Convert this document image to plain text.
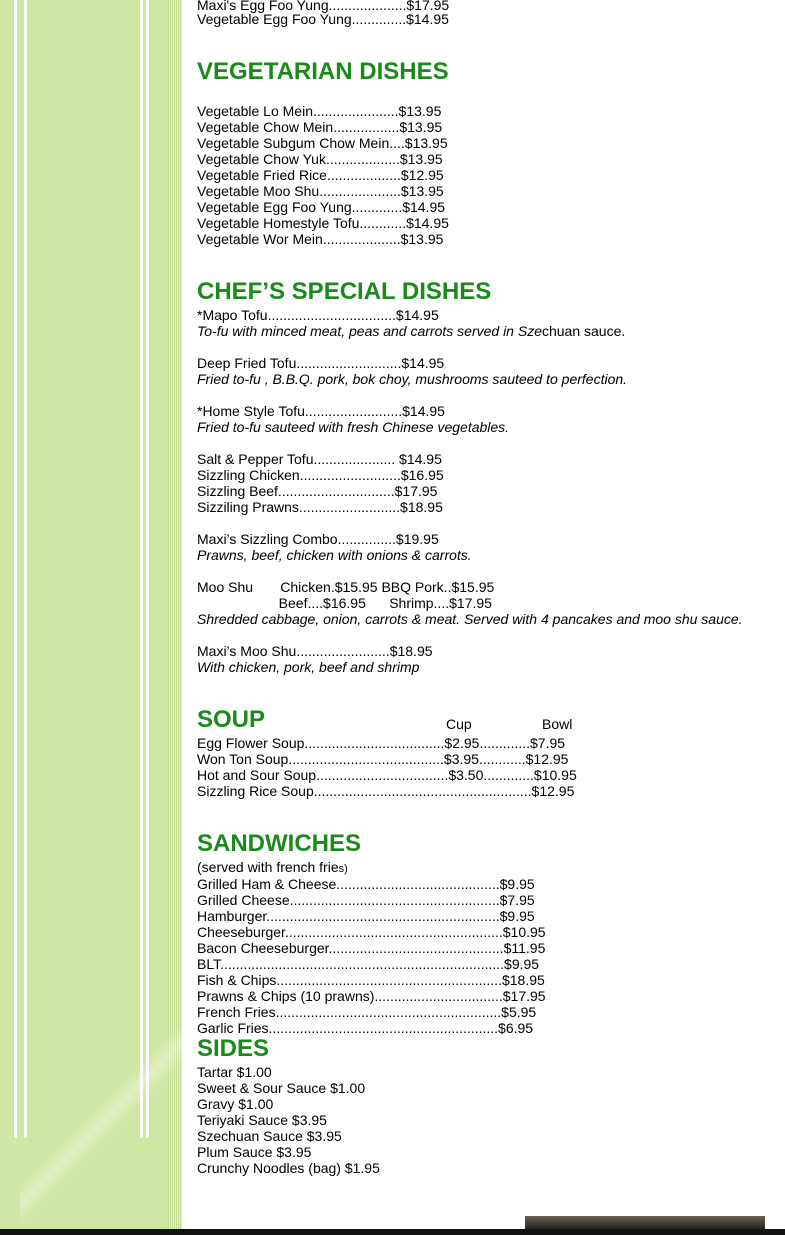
Maxi's Egg Foo Yung....................$17.95
Vegetable Egg Foo Yung..............$14.95
VEGETARIAN DISHES
Vegetable Lo Mein......................$13.95
Vegetable Chow Mein.................$13.95
Vegetable Subgum Chow Mein....$13.95
Vegetable Chow Yuk...................$13.95
Vegetable Fried Rice...................$12.95
Vegetable Moo Shu.....................$13.95
Vegetable Egg Foo Yung.............$14.95
Vegetable Homestyle Tofu............$14.95
Vegetable Wor Mein....................$13.95
CHEF’S SPECIAL DISHES
*Mapo Tofu.................................$14.95
To-fu with minced meat, peas and carrots served in Szechuan sauce.
Deep Fried Tofu...........................$14.95
Fried to-fu , B.B.Q. pork, bok choy, mushrooms sauteed to perfection.
*Home Style Tofu.........................$14.95
Fried to-fu sauteed with fresh Chinese vegetables.
Salt & Pepper Tofu..................... $14.95
Sizzling Chicken..........................$16.95
Sizzling Beef..............................$17.95
Sizziling Prawns..........................$18.95
Maxi’s Sizzling Combo...............$19.95
Prawns, beef, chicken with onions & carrots.
Moo Shu       Chicken.$15.95 BBQ Pork..$15.95
Beef....$16.95      Shrimp....$17.95
Shredded cabbage, onion, carrots & meat. Served with 4 pancakes and moo shu sauce.
Maxi’s Moo Shu........................$18.95
With chicken, pork, beef and shrimp
SOUP	Cup	Bowl
Egg Flower Soup....................................$2.95.............$7.95
Won Ton Soup........................................$3.95............$12.95
Hot and Sour Soup..................................$3.50.............$10.95
Sizzling Rice Soup........................................................$12.95
SANDWICHES
(served with french fries)
Grilled Ham & Cheese..........................................$9.95
Grilled Cheese......................................................$7.95
Hamburger............................................................$9.95
Cheeseburger........................................................$10.95
Bacon Cheeseburger.............................................$11.95
BLT.........................................................................$9.95
Fish & Chips..........................................................$18.95
Prawns & Chips (10 prawns).................................$17.95
French Fries..........................................................$5.95
Garlic Fries...........................................................$6.95
SIDES
Tartar $1.00
Sweet & Sour Sauce $1.00
Gravy $1.00
Teriyaki Sauce $3.95
Szechuan Sauce $3.95
Plum Sauce $3.95
Crunchy Noodles (bag) $1.95
